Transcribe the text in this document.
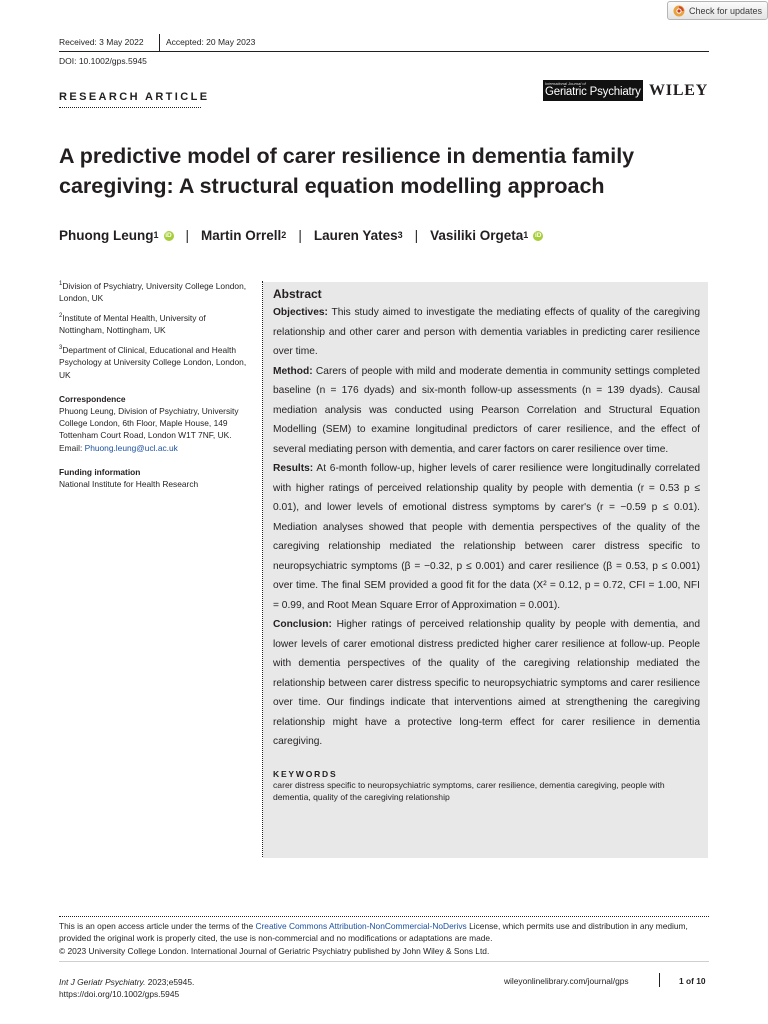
Check for updates
Received: 3 May 2022	Accepted: 20 May 2023
DOI: 10.1002/gps.5945
RESEARCH ARTICLE
International Journal of
Geriatric Psychiatry WILEY
A predictive model of carer resilience in dementia family caregiving: A structural equation modelling approach
Phuong Leung$^1$ iD | Martin Orrell$^2$ | Lauren Yates$^3$ | Vasiliki Orgeta$^1$ iD

$^1$Division of Psychiatry, University College London, London, UK

$^2$Institute of Mental Health, University of Nottingham, Nottingham, UK

$^3$Department of Clinical, Educational and Health Psychology at University College London, London, UK

Correspondence

Phuong Leung, Division of Psychiatry, University College London, 6th Floor, Maple House, 149 Tottenham Court Road, London W1T 7NF, UK.
Email: Phuong.leung@ucl.ac.uk

Funding information

National Institute for Health Research

Abstract

Objectives: This study aimed to investigate the mediating effects of quality of the caregiving relationship and other carer and person with dementia variables in predicting carer resilience over time.

Method: Carers of people with mild and moderate dementia in community settings completed baseline (n = 176 dyads) and six‐month follow‐up assessments (n = 139 dyads). Causal mediation analysis was conducted using Pearson Correlation and Structural Equation Modelling (SEM) to examine longitudinal predictors of carer resilience, and the effect of several mediating person with dementia, and carer factors on carer resilience over time.

Results: At 6‐month follow‐up, higher levels of carer resilience were longitudinally correlated with higher ratings of perceived relationship quality by people with dementia (r = 0.53 p ≤ 0.01), and lower levels of emotional distress symptoms by carer's (r = −0.59 p ≤ 0.01). Mediation analyses showed that people with dementia perspectives of the quality of the caregiving relationship mediated the relationship between carer distress specific to neuropsychiatric symptoms (β = −0.32, p ≤ 0.001) and carer resilience (β = 0.53, p ≤ 0.001) over time. The final SEM provided a good fit for the data (X² = 0.12, p = 0.72, CFI = 1.00, NFI = 0.99, and Root Mean Square Error of Approximation = 0.001).

Conclusion: Higher ratings of perceived relationship quality by people with dementia, and lower levels of carer emotional distress predicted higher carer resilience at follow‐up. People with dementia perspectives of the quality of the caregiving relationship mediated the relationship between carer distress specific to neuropsychiatric symptoms and carer resilience over time. Our findings indicate that interventions aimed at strengthening the caregiving relationship might have a protective long‐term effect for carer resilience in dementia caregiving.

KEYWORDS
carer distress specific to neuropsychiatric symptoms, carer resilience, dementia caregiving, people with dementia, quality of the caregiving relationship

This is an open access article under the terms of the Creative Commons Attribution‐NonCommercial‐NoDerivs License, which permits use and distribution in any medium, provided the original work is properly cited, the use is non‐commercial and no modifications or adaptations are made.

© 2023 University College London. International Journal of Geriatric Psychiatry published by John Wiley & Sons Ltd.

Int J Geriatr Psychiatry. 2023;e5945.
https://doi.org/10.1002/gps.5945
wileyonlinelibrary.com/journal/gps	1 of 10
